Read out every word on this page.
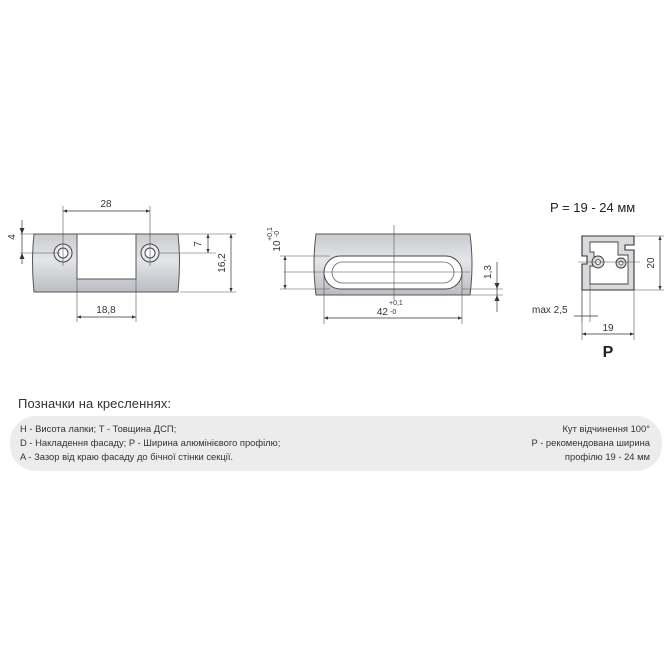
28
4
7
16,2
18,8
10
+0,1 -0
1,3
42
+0,1
-0
P = 19 - 24 мм
20
max 2,5
19
P
Позначки на кресленнях:
H - Висота лапки; T - Товщина ДСП;
D - Накладення фасаду; P - Ширина алюмінієвого профілю;
A - Зазор від краю фасаду до бічної стінки секції.
Кут відчинення 100°
P - рекомендована ширина
профілю 19 - 24 мм
